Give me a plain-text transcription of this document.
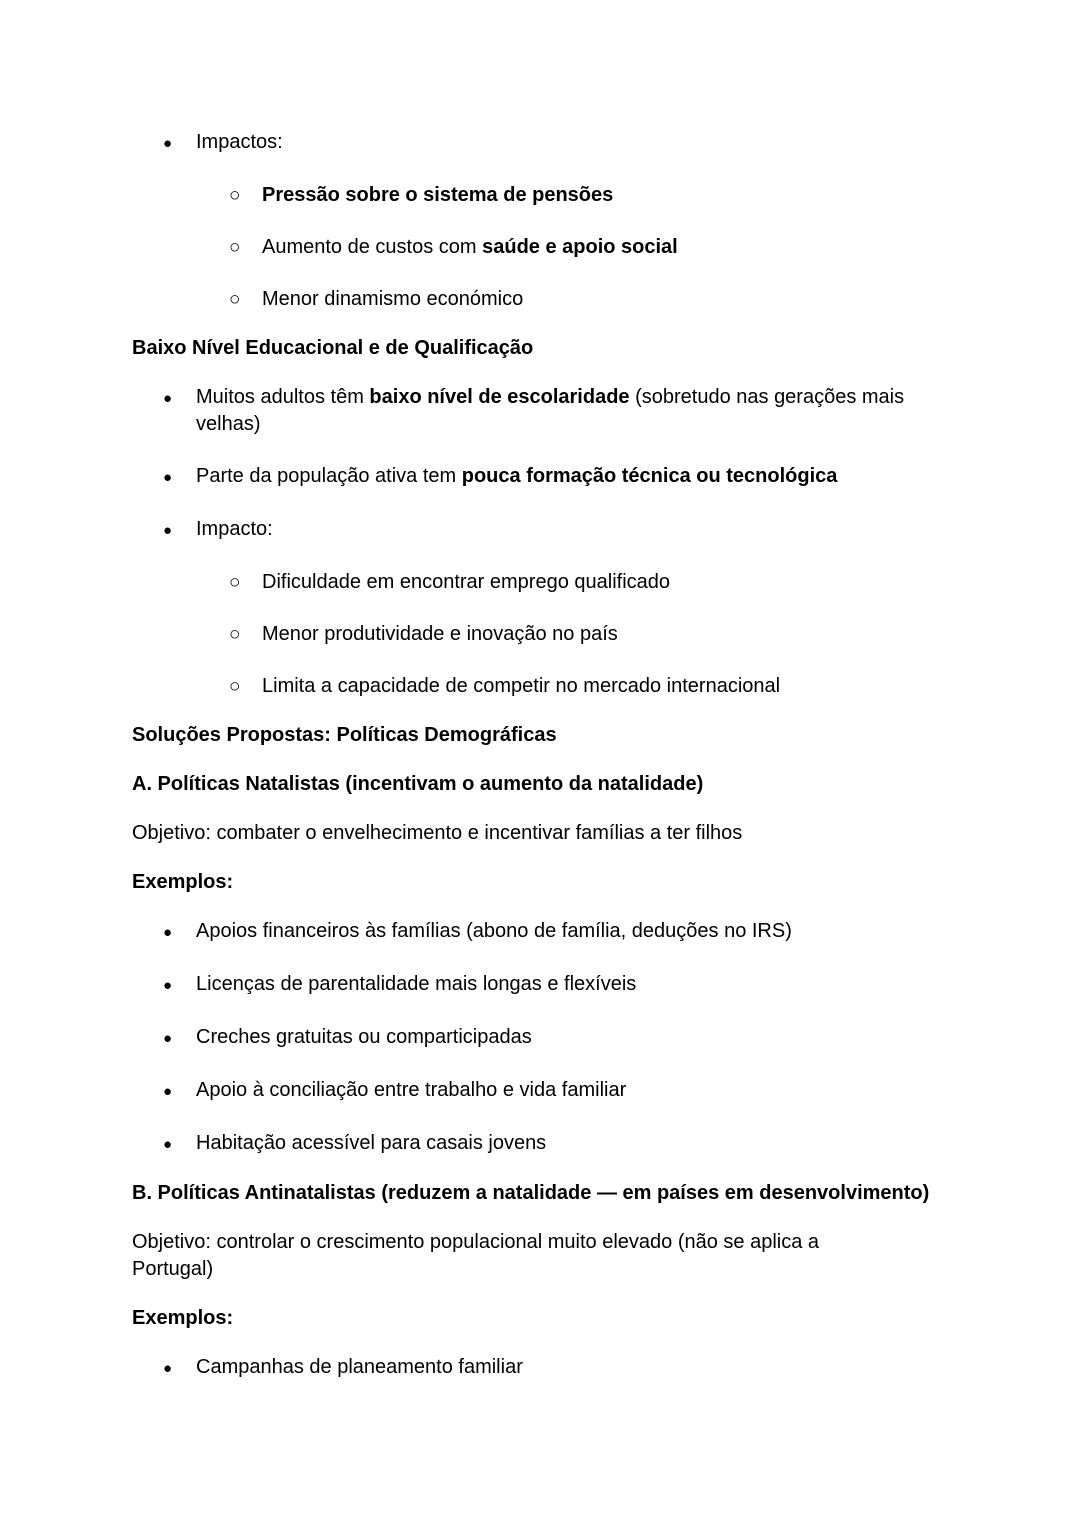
●	Impactos:
○	Pressão sobre o sistema de pensões
○	Aumento de custos com saúde e apoio social
○	Menor dinamismo económico
Baixo Nível Educacional e de Qualificação
●	Muitos adultos têm baixo nível de escolaridade (sobretudo nas gerações mais
velhas)
●	Parte da população ativa tem pouca formação técnica ou tecnológica
●	Impacto:
○	Dificuldade em encontrar emprego qualificado
○	Menor produtividade e inovação no país
○	Limita a capacidade de competir no mercado internacional
Soluções Propostas: Políticas Demográficas
A. Políticas Natalistas (incentivam o aumento da natalidade)
Objetivo: combater o envelhecimento e incentivar famílias a ter filhos
Exemplos:
●	Apoios financeiros às famílias (abono de família, deduções no IRS)
●	Licenças de parentalidade mais longas e flexíveis
●	Creches gratuitas ou comparticipadas
●	Apoio à conciliação entre trabalho e vida familiar
●	Habitação acessível para casais jovens
B. Políticas Antinatalistas (reduzem a natalidade — em países em desenvolvimento)
Objetivo: controlar o crescimento populacional muito elevado (não se aplica a
Portugal)
Exemplos:
●	Campanhas de planeamento familiar
